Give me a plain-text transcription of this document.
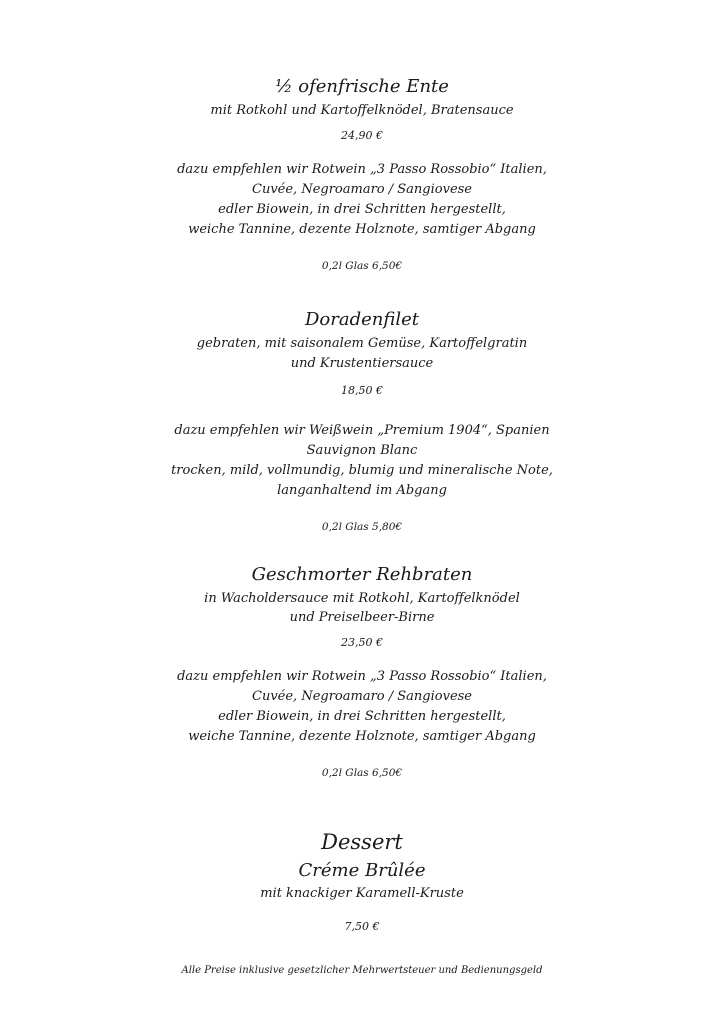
½ ofenfrische Ente
mit Rotkohl und Kartoffelknödel, Bratensauce
24,90 €
dazu empfehlen wir Rotwein „3 Passo Rossobio“ Italien,
Cuvée, Negroamaro / Sangiovese
edler Biowein, in drei Schritten hergestellt,
weiche Tannine, dezente Holznote, samtiger Abgang
0,2l Glas 6,50€
Doradenfilet
gebraten, mit saisonalem Gemüse, Kartoffelgratin
und Krustentiersauce
18,50 €
dazu empfehlen wir Weißwein „Premium 1904“, Spanien
Sauvignon Blanc
trocken, mild, vollmundig, blumig und mineralische Note,
langanhaltend im Abgang
0,2l Glas 5,80€
Geschmorter Rehbraten
in Wacholdersauce mit Rotkohl, Kartoffelknödel
und Preiselbeer-Birne
23,50 €
dazu empfehlen wir Rotwein „3 Passo Rossobio“ Italien,
Cuvée, Negroamaro / Sangiovese
edler Biowein, in drei Schritten hergestellt,
weiche Tannine, dezente Holznote, samtiger Abgang
0,2l Glas 6,50€
Dessert
Créme Brûlée
mit knackiger Karamell-Kruste
7,50 €
Alle Preise inklusive gesetzlicher Mehrwertsteuer und Bedienungsgeld
